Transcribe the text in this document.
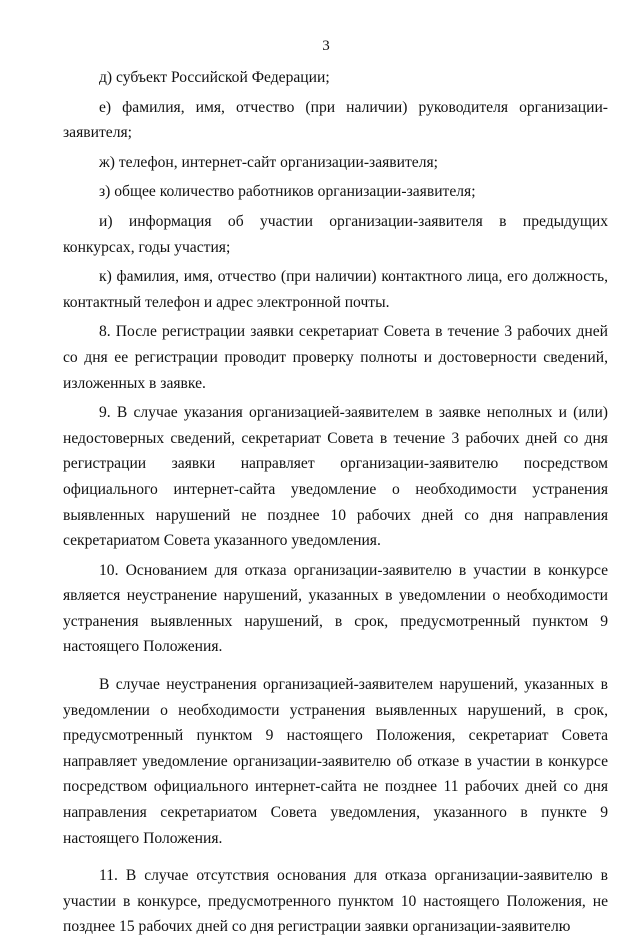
3

д) субъект Российской Федерации;

е) фамилия, имя, отчество (при наличии) руководителя организации-заявителя;

ж) телефон, интернет-сайт организации-заявителя;

з) общее количество работников организации-заявителя;

и) информация об участии организации-заявителя в предыдущих конкурсах, годы участия;

к) фамилия, имя, отчество (при наличии) контактного лица, его должность, контактный телефон и адрес электронной почты.

8. После регистрации заявки секретариат Совета в течение 3 рабочих дней со дня ее регистрации проводит проверку полноты и достоверности сведений, изложенных в заявке.

9. В случае указания организацией-заявителем в заявке неполных и (или) недостоверных сведений, секретариат Совета в течение 3 рабочих дней со дня регистрации заявки направляет организации-заявителю посредством официального интернет-сайта уведомление о необходимости устранения выявленных нарушений не позднее 10 рабочих дней со дня направления секретариатом Совета указанного уведомления.

10. Основанием для отказа организации-заявителю в участии в конкурсе является неустранение нарушений, указанных в уведомлении о необходимости устранения выявленных нарушений, в срок, предусмотренный пунктом 9 настоящего Положения.

В случае неустранения организацией-заявителем нарушений, указанных в уведомлении о необходимости устранения выявленных нарушений, в срок, предусмотренный пунктом 9 настоящего Положения, секретариат Совета направляет уведомление организации-заявителю об отказе в участии в конкурсе посредством официального интернет-сайта не позднее 11 рабочих дней со дня направления секретариатом Совета уведомления, указанного в пункте 9 настоящего Положения.

11. В случае отсутствия основания для отказа организации-заявителю в участии в конкурсе, предусмотренного пунктом 10 настоящего Положения, не позднее 15 рабочих дней со дня регистрации заявки организации-заявителю
